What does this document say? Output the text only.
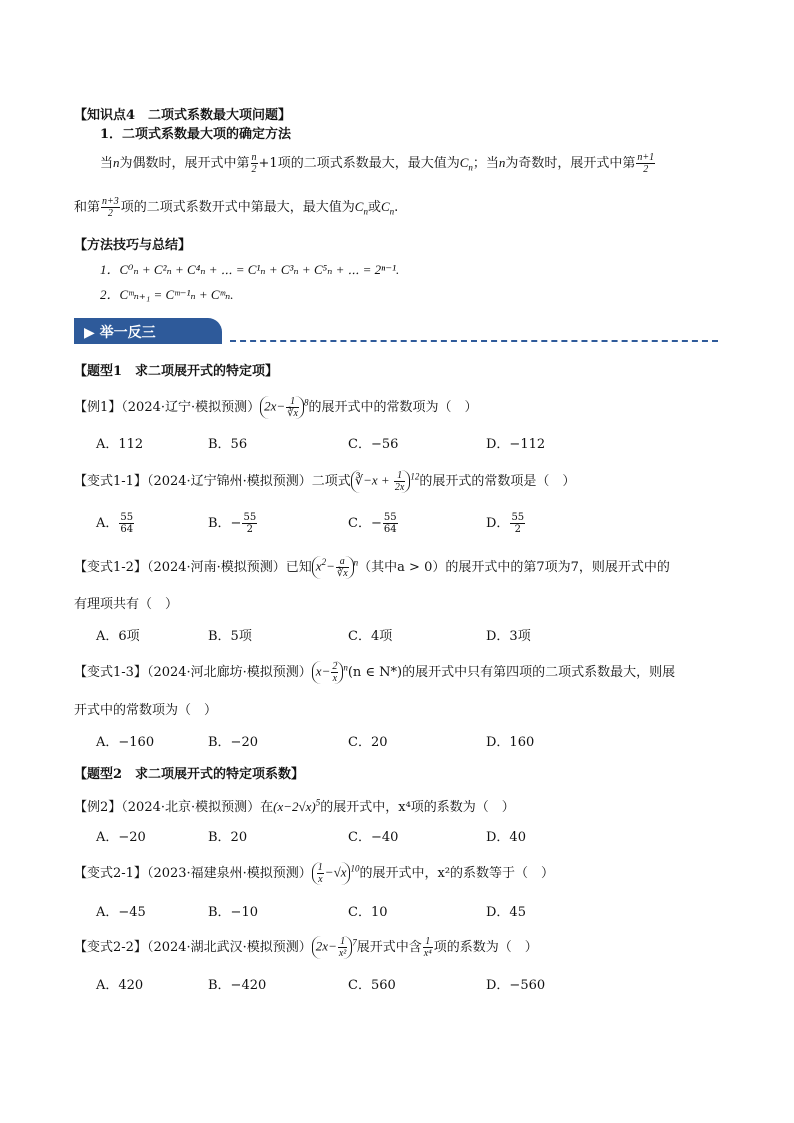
【知识点4　二项式系数最大项问题】
1．二项式系数最大项的确定方法
当n为偶数时，展开式中第 $\frac{n}{2} +1$项的二项式系数最大，最大值为$C_n$；当n为奇数时，展开式中第 $\frac{n+1}{2}$
和第 $\frac{n+3}{2}$ 项的二项式系数开式中第最大，最大值为$C_n$或$C_n$.
【方法技巧与总结】
1．C⁰ₙ + C²ₙ + C⁴ₙ + ⋯ = C¹ₙ + C³ₙ + C⁵ₙ + ⋯ = 2ⁿ⁻¹.
2．Cᵐₙ₊₁ = Cᵐ⁻¹ₙ + Cᵐₙ.
▶ 举一反三
【题型1　求二项展开式的特定项】
【例1】（2024·辽宁·模拟预测） $2x- \frac{1}{∛x} ^8$的展开式中的常数项为（　）
A．112	B．56	C．−56	D．−112
【变式1-1】（2024·辽宁锦州·模拟预测）二项式 ∛−x + $\frac{1}{2x} ^{12}$的展开式的常数项是（　）
A． $\frac{55}{64}$	B．− $\frac{55}{2}$	C．− $\frac{55}{64}$	D． $\frac{55}{2}$
【变式1-2】（2024·河南·模拟预测）已知 $x^2- \frac{a}{∛x} ^n$（其中a > 0）的展开式中的第7项为7，则展开式中的
有理项共有（　）
A．6项	B．5项	C．4项	D．3项
【变式1-3】（2024·河北廊坊·模拟预测） $x- \frac{2}{x} ^n(n$ ∈ N*)的展开式中只有第四项的二项式系数最大，则展
开式中的常数项为（　）
A．−160	B．−20	C．20	D．160
【题型2　求二项展开式的特定项系数】
【例2】（2024·北京·模拟预测）在$(x-2√x)^5$的展开式中，x⁴项的系数为（　）
A．−20	B．20	C．−40	D．40
【变式2-1】（2023·福建泉州·模拟预测） $\frac{1}{x} -√x$ $^{10}$的展开式中，x²的系数等于（　）
A．−45	B．−10	C．10	D．45
【变式2-2】（2024·湖北武汉·模拟预测） $2x- \frac{1}{\text{x²}} ^7$展开式中含 $\frac{1}{\text{x⁴}}$ 项的系数为（　）
A．420	B．−420	C．560	D．−560
